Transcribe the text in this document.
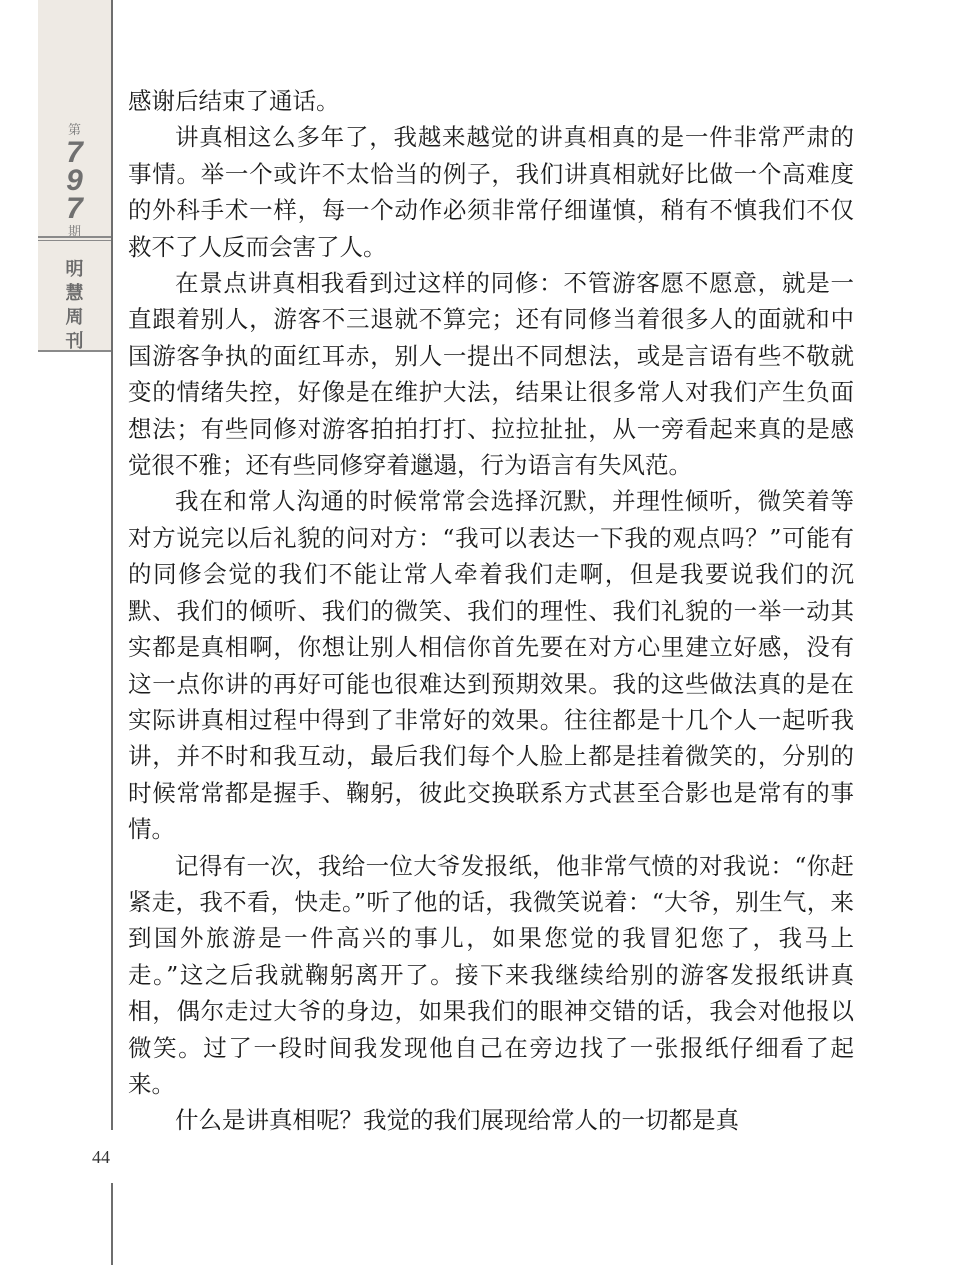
第
7
9
7
期
明
慧
周
刊
44

感谢后结束了通话。

讲真相这么多年了，我越来越觉的讲真相真的是一件非常严肃的事情。举一个或许不太恰当的例子，我们讲真相就好比做一个高难度的外科手术一样，每一个动作必须非常仔细谨慎，稍有不慎我们不仅救不了人反而会害了人。

在景点讲真相我看到过这样的同修：不管游客愿不愿意，就是一直跟着别人，游客不三退就不算完；还有同修当着很多人的面就和中国游客争执的面红耳赤，别人一提出不同想法，或是言语有些不敬就变的情绪失控，好像是在维护大法，结果让很多常人对我们产生负面想法；有些同修对游客拍拍打打、拉拉扯扯，从一旁看起来真的是感觉很不雅；还有些同修穿着邋遢，行为语言有失风范。

我在和常人沟通的时候常常会选择沉默，并理性倾听，微笑着等对方说完以后礼貌的问对方：“我可以表达一下我的观点吗？”可能有的同修会觉的我们不能让常人牵着我们走啊，但是我要说我们的沉默、我们的倾听、我们的微笑、我们的理性、我们礼貌的一举一动其实都是真相啊，你想让别人相信你首先要在对方心里建立好感，没有这一点你讲的再好可能也很难达到预期效果。我的这些做法真的是在实际讲真相过程中得到了非常好的效果。往往都是十几个人一起听我讲，并不时和我互动，最后我们每个人脸上都是挂着微笑的，分别的时候常常都是握手、鞠躬，彼此交换联系方式甚至合影也是常有的事情。

记得有一次，我给一位大爷发报纸，他非常气愤的对我说：“你赶紧走，我不看，快走。”听了他的话，我微笑说着：“大爷，别生气，来到国外旅游是一件高兴的事儿，如果您觉的我冒犯您了，我马上走。”这之后我就鞠躬离开了。接下来我继续给别的游客发报纸讲真相，偶尔走过大爷的身边，如果我们的眼神交错的话，我会对他报以微笑。过了一段时间我发现他自己在旁边找了一张报纸仔细看了起来。

什么是讲真相呢？我觉的我们展现给常人的一切都是真
